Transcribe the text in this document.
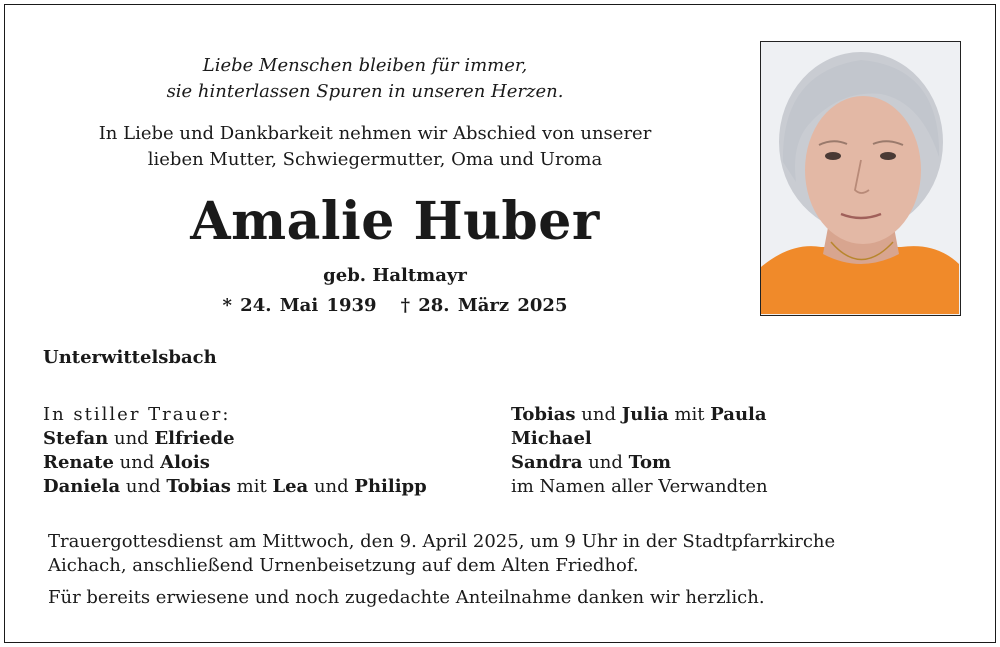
Liebe Menschen bleiben für immer,
sie hinterlassen Spuren in unseren Herzen.
In Liebe und Dankbarkeit nehmen wir Abschied von unserer
lieben Mutter, Schwiegermutter, Oma und Uroma
Amalie Huber
geb. Haltmayr
* 24. Mai 1939 † 28. März 2025
Unterwittelsbach
In stiller Trauer:
Stefan und Elfriede
Renate und Alois
Daniela und Tobias mit Lea und Philipp
Tobias und Julia mit Paula
Michael
Sandra und Tom
im Namen aller Verwandten
Trauergottesdienst am Mittwoch, den 9. April 2025, um 9 Uhr in der Stadtpfarrkirche
Aichach, anschließend Urnenbeisetzung auf dem Alten Friedhof.
Für bereits erwiesene und noch zugedachte Anteilnahme danken wir herzlich.
